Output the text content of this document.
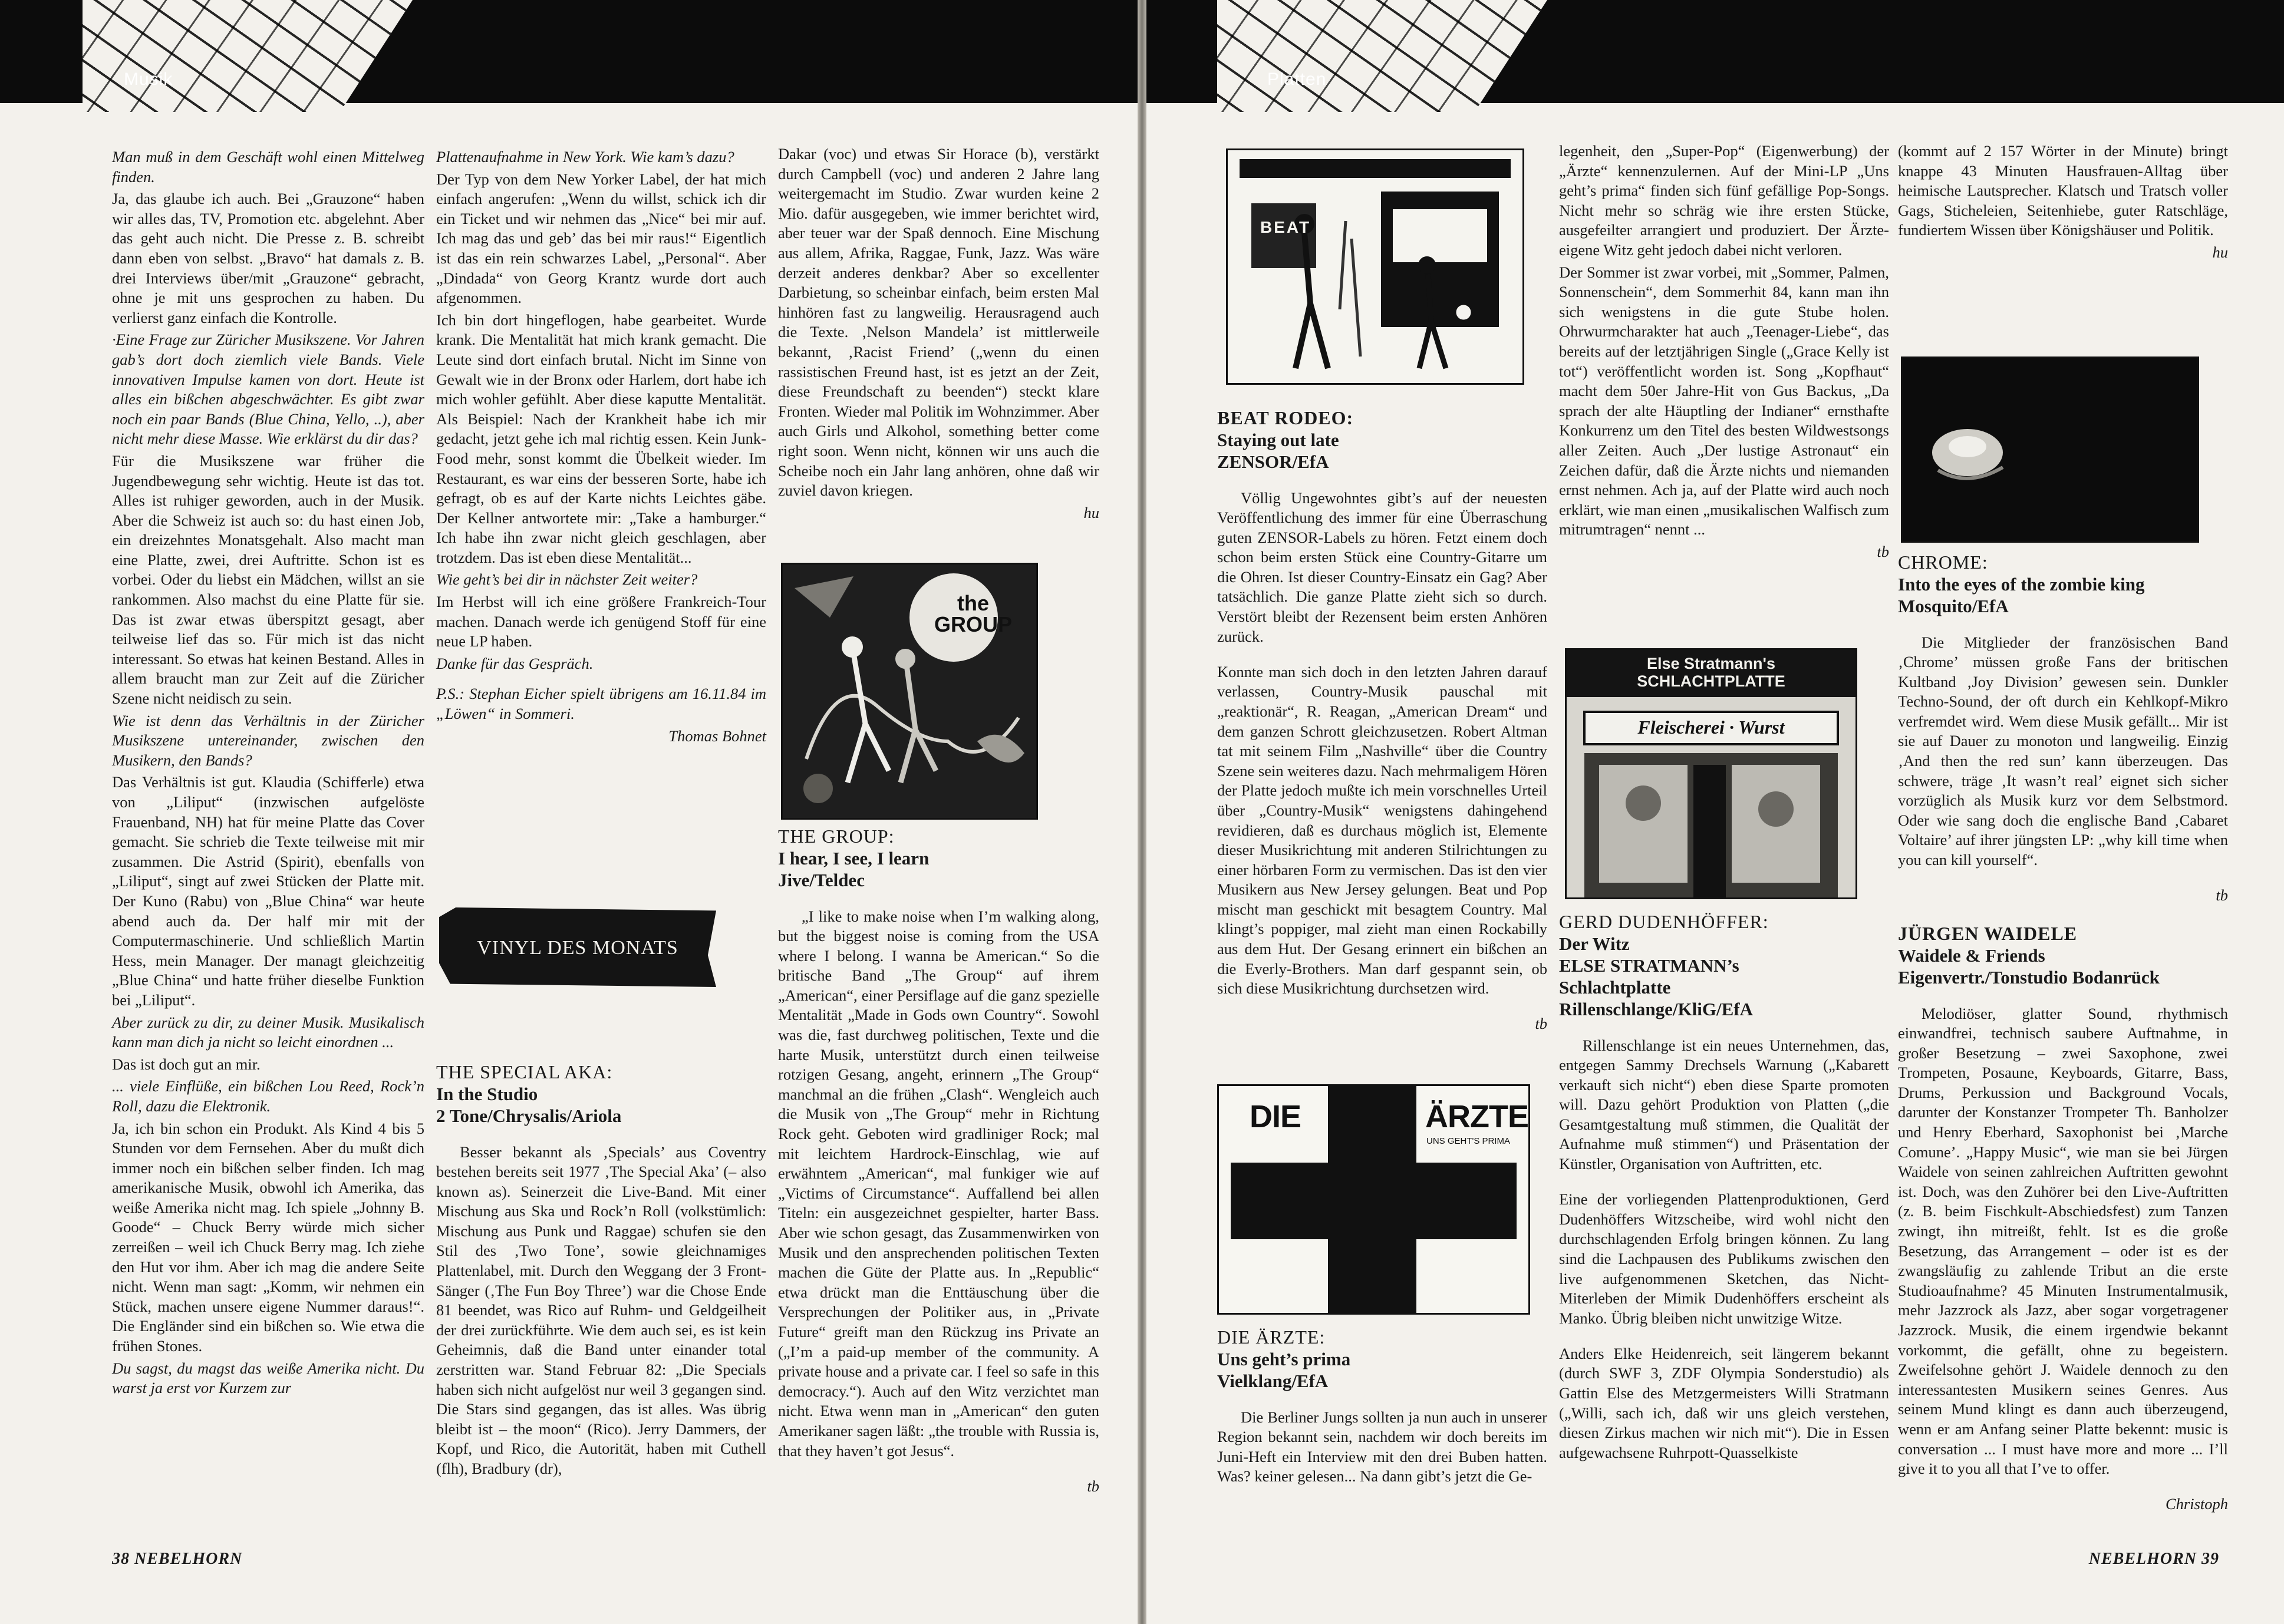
Musik

Man muß in dem Geschäft wohl einen Mittelweg finden.

Ja, das glaube ich auch. Bei „Grauzone“ haben wir alles das, TV, Promotion etc. abgelehnt. Aber das geht auch nicht. Die Presse z. B. schreibt dann eben von selbst. „Bravo“ hat damals z. B. drei Interviews über/mit „Grauzone“ gebracht, ohne je mit uns gesprochen zu haben. Du verlierst ganz einfach die Kontrolle.

·Eine Frage zur Züricher Musikszene. Vor Jahren gab’s dort doch ziemlich viele Bands. Viele innovativen Impulse kamen von dort. Heute ist alles ein bißchen abgeschwächter. Es gibt zwar noch ein paar Bands (Blue China, Yello, ..), aber nicht mehr diese Masse. Wie erklärst du dir das?

Für die Musikszene war früher die Jugendbewegung sehr wichtig. Heute ist das tot. Alles ist ruhiger geworden, auch in der Musik. Aber die Schweiz ist auch so: du hast einen Job, ein dreizehntes Monatsgehalt. Also macht man eine Platte, zwei, drei Auftritte. Schon ist es vorbei. Oder du liebst ein Mädchen, willst an sie rankommen. Also machst du eine Platte für sie. Das ist zwar etwas überspitzt gesagt, aber teilweise lief das so. Für mich ist das nicht interessant. So etwas hat keinen Bestand. Alles in allem braucht man zur Zeit auf die Züricher Szene nicht neidisch zu sein.

Wie ist denn das Verhältnis in der Züricher Musikszene untereinander, zwischen den Musikern, den Bands?

Das Verhältnis ist gut. Klaudia (Schifferle) etwa von „Liliput“ (inzwischen aufgelöste Frauenband, NH) hat für meine Platte das Cover gemacht. Sie schrieb die Texte teilweise mit mir zusammen. Die Astrid (Spirit), ebenfalls von „Liliput“, singt auf zwei Stücken der Platte mit. Der Kuno (Rabu) von „Blue China“ war heute abend auch da. Der half mir mit der Computermaschinerie. Und schließlich Martin Hess, mein Manager. Der managt gleichzeitig „Blue China“ und hatte früher dieselbe Funktion bei „Liliput“.

Aber zurück zu dir, zu deiner Musik. Musikalisch kann man dich ja nicht so leicht einordnen ...

Das ist doch gut an mir.

... viele Einflüße, ein bißchen Lou Reed, Rock’n Roll, dazu die Elektronik.

Ja, ich bin schon ein Produkt. Als Kind 4 bis 5 Stunden vor dem Fernsehen. Aber du mußt dich immer noch ein bißchen selber finden. Ich mag amerikanische Musik, obwohl ich Amerika, das weiße Amerika nicht mag. Ich spiele „Johnny B. Goode“ – Chuck Berry würde mich sicher zerreißen – weil ich Chuck Berry mag. Ich ziehe den Hut vor ihm. Aber ich mag die andere Seite nicht. Wenn man sagt: „Komm, wir nehmen ein Stück, machen unsere eigene Nummer daraus!“. Die Engländer sind ein bißchen so. Wie etwa die frühen Stones.

Du sagst, du magst das weiße Amerika nicht. Du warst ja erst vor Kurzem zur

Plattenaufnahme in New York. Wie kam’s dazu?

Der Typ von dem New Yorker Label, der hat mich einfach angerufen: „Wenn du willst, schick ich dir ein Ticket und wir nehmen das „Nice“ bei mir auf. Ich mag das und geb’ das bei mir raus!“ Eigentlich ist das ein rein schwarzes Label, „Personal“. Aber „Dindada“ von Georg Krantz wurde dort auch afgenommen.

Ich bin dort hingeflogen, habe gearbeitet. Wurde krank. Die Mentalität hat mich krank gemacht. Die Leute sind dort einfach brutal. Nicht im Sinne von Gewalt wie in der Bronx oder Harlem, dort habe ich mich wohler gefühlt. Aber diese kaputte Mentalität. Als Beispiel: Nach der Krankheit habe ich mir gedacht, jetzt gehe ich mal richtig essen. Kein Junk-Food mehr, sonst kommt die Übelkeit wieder. Im Restaurant, es war eins der besseren Sorte, habe ich gefragt, ob es auf der Karte nichts Leichtes gäbe. Der Kellner antwortete mir: „Take a hamburger.“ Ich habe ihn zwar nicht gleich geschlagen, aber trotzdem. Das ist eben diese Mentalität...

Wie geht’s bei dir in nächster Zeit weiter?

Im Herbst will ich eine größere Frankreich-Tour machen. Danach werde ich genügend Stoff für eine neue LP haben.

Danke für das Gespräch.

P.S.: Stephan Eicher spielt übrigens am 16.11.84 im „Löwen“ in Sommeri.

Thomas Bohnet

VINYL DES MONATS

THE SPECIAL AKA:

In the Studio

2 Tone/Chrysalis/Ariola

Besser bekannt als ‚Specials’ aus Coventry bestehen bereits seit 1977 ‚The Special Aka’ (– also known as). Seinerzeit die Live-Band. Mit einer Mischung aus Ska und Rock’n Roll (volkstümlich: Mischung aus Punk und Raggae) schufen sie den Stil des ‚Two Tone’, sowie gleichnamiges Plattenlabel, mit. Durch den Weggang der 3 Front-Sänger (‚The Fun Boy Three’) war die Chose Ende 81 beendet, was Rico auf Ruhm- und Geldgeilheit der drei zurückführte. Wie dem auch sei, es ist kein Geheimnis, daß die Band unter einander total zerstritten war. Stand Februar 82: „Die Specials haben sich nicht aufgelöst nur weil 3 gegangen sind. Die Stars sind gegangen, das ist alles. Was übrig bleibt ist – the moon“ (Rico). Jerry Dammers, der Kopf, und Rico, die Autorität, haben mit Cuthell (flh), Bradbury (dr),

Dakar (voc) und etwas Sir Horace (b), verstärkt durch Campbell (voc) und anderen 2 Jahre lang weitergemacht im Studio. Zwar wurden keine 2 Mio. dafür ausgegeben, wie immer berichtet wird, aber teuer war der Spaß dennoch. Eine Mischung aus allem, Afrika, Raggae, Funk, Jazz. Was wäre derzeit anderes denkbar? Aber so excellenter Darbietung, so scheinbar einfach, beim ersten Mal hinhören fast zu langweilig. Herausragend auch die Texte. ‚Nelson Mandela’ ist mittlerweile bekannt, ‚Racist Friend’ („wenn du einen rassistischen Freund hast, ist es jetzt an der Zeit, diese Freundschaft zu beenden“) steckt klare Fronten. Wieder mal Politik im Wohnzimmer. Aber auch Girls und Alkohol, something better come right soon. Wenn nicht, können wir uns auch die Scheibe noch ein Jahr lang anhören, ohne daß wir zuviel davon kriegen.

hu

the GROUP

THE GROUP:

I hear, I see, I learn

Jive/Teldec

„I like to make noise when I’m walking along, but the biggest noise is coming from the USA where I belong. I wanna be American.“ So die britische Band „The Group“ auf ihrem „American“, einer Persiflage auf die ganz spezielle Mentalität „Made in Gods own Country“. Sowohl was die, fast durchweg politischen, Texte und die harte Musik, unterstützt durch einen teilweise rotzigen Gesang, angeht, erinnern „The Group“ manchmal an die frühen „Clash“. Wengleich auch die Musik von „The Group“ mehr in Richtung Rock geht. Geboten wird gradliniger Rock; mal mit leichtem Hardrock-Einschlag, wie auf erwähntem „American“, mal funkiger wie auf „Victims of Circumstance“. Auffallend bei allen Titeln: ein ausgezeichnet gespielter, harter Bass. Aber wie schon gesagt, das Zusammenwirken von Musik und den ansprechenden politischen Texten machen die Güte der Platte aus. In „Republic“ etwa drückt man die Enttäuschung über die Versprechungen der Politiker aus, in „Private Future“ greift man den Rückzug ins Private an („I’m a paid-up member of the community. A private house and a private car. I feel so safe in this democracy.“). Auch auf den Witz verzichtet man nicht. Etwa wenn man in „American“ den guten Amerikaner sagen läßt: „the trouble with Russia is, that they haven’t got Jesus“.

tb

38 NEBELHORN
Platten
BEAT

BEAT RODEO:

Staying out late

ZENSOR/EfA

Völlig Ungewohntes gibt’s auf der neuesten Veröffentlichung des immer für eine Überraschung guten ZENSOR-Labels zu hören. Fetzt einem doch schon beim ersten Stück eine Country-Gitarre um die Ohren. Ist dieser Country-Einsatz ein Gag? Aber tatsächlich. Die ganze Platte zieht sich so durch. Verstört bleibt der Rezensent beim ersten Anhören zurück.

Konnte man sich doch in den letzten Jahren darauf verlassen, Country-Musik pauschal mit „reaktionär“, R. Reagan, „American Dream“ und dem ganzen Schrott gleichzusetzen. Robert Altman tat mit seinem Film „Nashville“ über die Country Szene sein weiteres dazu. Nach mehrmaligem Hören der Platte jedoch mußte ich mein vorschnelles Urteil über „Country-Musik“ wenigstens dahingehend revidieren, daß es durchaus möglich ist, Elemente dieser Musikrichtung mit anderen Stilrichtungen zu einer hörbaren Form zu vermischen. Das ist den vier Musikern aus New Jersey gelungen. Beat und Pop mischt man geschickt mit besagtem Country. Mal klingt’s poppiger, mal zieht man einen Rockabilly aus dem Hut. Der Gesang erinnert ein bißchen an die Everly-Brothers. Man darf gespannt sein, ob sich diese Musikrichtung durchsetzen wird.

tb

DIE	ÄRZTE
UNS GEHT'S PRIMA

DIE ÄRZTE:

Uns geht’s prima

Vielklang/EfA

Die Berliner Jungs sollten ja nun auch in unserer Region bekannt sein, nachdem wir doch bereits im Juni-Heft ein Interview mit den drei Buben hatten. Was? keiner gelesen... Na dann gibt’s jetzt die Ge-

legenheit, den „Super-Pop“ (Eigenwerbung) der „Ärzte“ kennenzulernen. Auf der Mini-LP „Uns geht’s prima“ finden sich fünf gefällige Pop-Songs. Nicht mehr so schräg wie ihre ersten Stücke, ausgefeilter arrangiert und produziert. Der Ärzte-eigene Witz geht jedoch dabei nicht verloren.

Der Sommer ist zwar vorbei, mit „Sommer, Palmen, Sonnenschein“, dem Sommerhit 84, kann man ihn sich wenigstens in die gute Stube holen. Ohrwurmcharakter hat auch „Teenager-Liebe“, das bereits auf der letztjährigen Single („Grace Kelly ist tot“) veröffentlicht worden ist. Song „Kopfhaut“ macht dem 50er Jahre-Hit von Gus Backus, „Da sprach der alte Häuptling der Indianer“ ernsthafte Konkurrenz um den Titel des besten Wildwestsongs aller Zeiten. Auch „Der lustige Astronaut“ ein Zeichen dafür, daß die Ärzte nichts und niemanden ernst nehmen. Ach ja, auf der Platte wird auch noch erklärt, wie man einen „musikalischen Walfisch zum mitrumtragen“ nennt ...

tb

Else Stratmann's SCHLACHTPLATTE
Fleischerei · Wurst

GERD DUDENHÖFFER:

Der Witz

ELSE STRATMANN’s

Schlachtplatte

Rillenschlange/KliG/EfA

Rillenschlange ist ein neues Unternehmen, das, entgegen Sammy Drechsels Warnung („Kabarett verkauft sich nicht“) eben diese Sparte promoten will. Dazu gehört Produktion von Platten („die Gesamtgestaltung muß stimmen, die Qualität der Aufnahme muß stimmen“) und Präsentation der Künstler, Organisation von Auftritten, etc.

Eine der vorliegenden Plattenproduktionen, Gerd Dudenhöffers Witzscheibe, wird wohl nicht den durchschlagenden Erfolg bringen können. Zu lang sind die Lachpausen des Publikums zwischen den live aufgenommenen Sketchen, das Nicht-Miterleben der Mimik Dudenhöffers erscheint als Manko. Übrig bleiben nicht unwitzige Witze.

Anders Elke Heidenreich, seit längerem bekannt (durch SWF 3, ZDF Olympia Sonderstudio) als Gattin Else des Metzgermeisters Willi Stratmann („Willi, sach ich, daß wir uns gleich verstehen, diesen Zirkus machen wir nich mit“). Die in Essen aufgewachsene Ruhrpott-Quasselkiste

(kommt auf 2 157 Wörter in der Minute) bringt knappe 43 Minuten Hausfrauen-Alltag über heimische Lautsprecher. Klatsch und Tratsch voller Gags, Sticheleien, Seitenhiebe, guter Ratschläge, fundiertem Wissen über Königshäuser und Politik.

hu

CHROME:

Into the eyes of the zombie king

Mosquito/EfA

Die Mitglieder der französischen Band ‚Chrome’ müssen große Fans der britischen Kultband ‚Joy Division’ gewesen sein. Dunkler Techno-Sound, der oft durch ein Kehlkopf-Mikro verfremdet wird. Wem diese Musik gefällt... Mir ist sie auf Dauer zu monoton und langweilig. Einzig ‚And then the red sun’ kann überzeugen. Das schwere, träge ‚It wasn’t real’ eignet sich sicher vorzüglich als Musik kurz vor dem Selbstmord. Oder wie sang doch die englische Band ‚Cabaret Voltaire’ auf ihrer jüngsten LP: „why kill time when you can kill yourself“.

tb

JÜRGEN WAIDELE

Waidele & Friends

Eigenvertr./Tonstudio Bodanrück

Melodiöser, glatter Sound, rhythmisch einwandfrei, technisch saubere Auftnahme, in großer Besetzung – zwei Saxophone, zwei Trompeten, Posaune, Keyboards, Gitarre, Bass, Drums, Perkussion und Background Vocals, darunter der Konstanzer Trompeter Th. Banholzer und Henry Eberhard, Saxophonist bei ‚Marche Comune’. „Happy Music“, wie man sie bei Jürgen Waidele von seinen zahlreichen Auftritten gewohnt ist. Doch, was den Zuhörer bei den Live-Auftritten (z. B. beim Fischkult-Abschiedsfest) zum Tanzen zwingt, ihn mitreißt, fehlt. Ist es die große Besetzung, das Arrangement – oder ist es der zwangsläufig zu zahlende Tribut an die erste Studioaufnahme? 45 Minuten Instrumentalmusik, mehr Jazzrock als Jazz, aber sogar vorgetragener Jazzrock. Musik, die einem irgendwie bekannt vorkommt, die gefällt, ohne zu begeistern. Zweifelsohne gehört J. Waidele dennoch zu den interessantesten Musikern seines Genres. Aus seinem Mund klingt es dann auch überzeugend, wenn er am Anfang seiner Platte bekennt: music is conversation ... I must have more and more ... I’ll give it to you all that I’ve to offer.

Christoph

NEBELHORN 39
